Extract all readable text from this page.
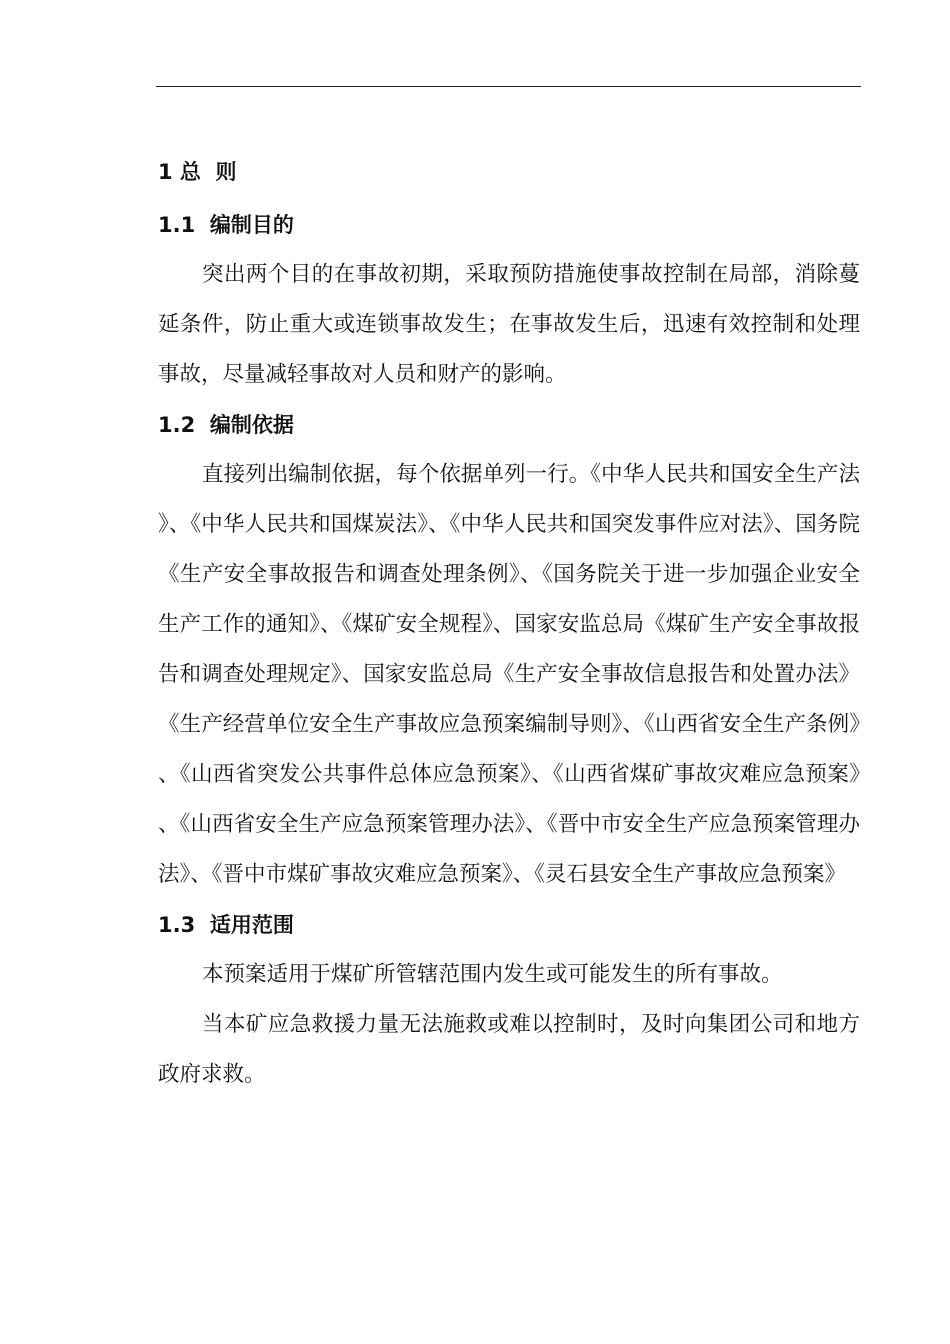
1 总  则
1.1  编制目的

突出两个目的在事故初期，采取预防措施使事故控制在局部，消除蔓延条件，防止重大或连锁事故发生；在事故发生后，迅速有效控制和处理事故，尽量减轻事故对人员和财产的影响。

1.2  编制依据

直接列出编制依据，每个依据单列一行。《中华人民共和国安全生产法》、《中华人民共和国煤炭法》、《中华人民共和国突发事件应对法》、国务院《生产安全事故报告和调查处理条例》、《国务院关于进一步加强企业安全生产工作的通知》、《煤矿安全规程》、国家安监总局《煤矿生产安全事故报告和调查处理规定》、国家安监总局《生产安全事故信息报告和处置办法》《生产经营单位安全生产事故应急预案编制导则》、《山西省安全生产条例》、《山西省突发公共事件总体应急预案》、《山西省煤矿事故灾难应急预案》、《山西省安全生产应急预案管理办法》、《晋中市安全生产应急预案管理办法》、《晋中市煤矿事故灾难应急预案》、《灵石县安全生产事故应急预案》

1.3  适用范围

本预案适用于煤矿所管辖范围内发生或可能发生的所有事故。

当本矿应急救援力量无法施救或难以控制时，及时向集团公司和地方政府求救。
